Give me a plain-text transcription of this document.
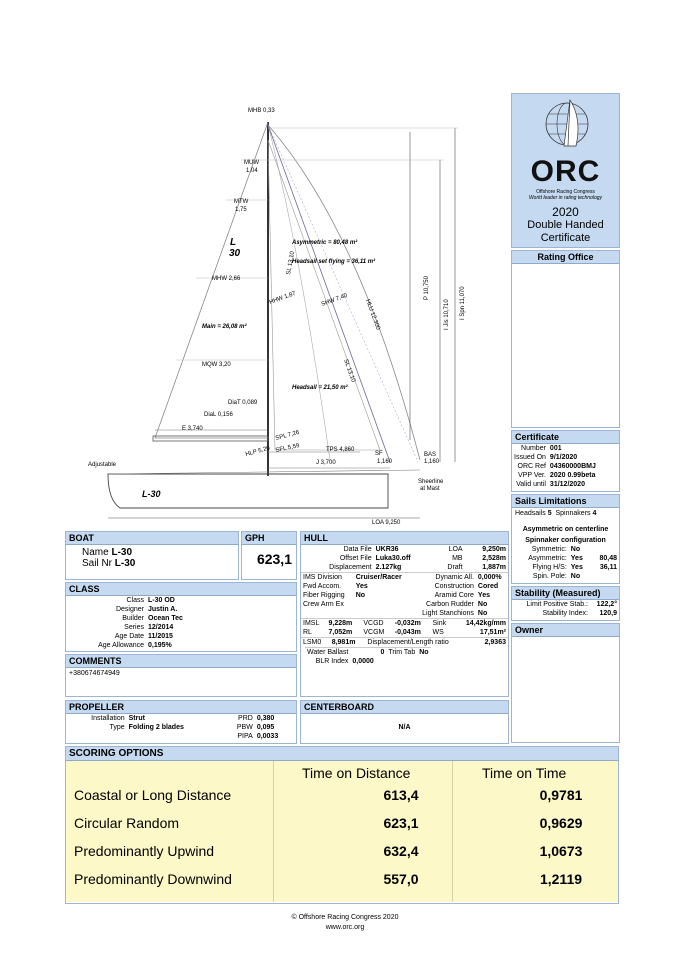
MHB 0,33
MUW
1,04
MTW
1,75
L
30
MHW 2,66
MQW 3,20
Asymmetric = 80,48 m²
Headsail set flying = 36,11 m²
Main = 26,08 m²
Headsail = 21,50 m²
SL 13,10
HHW 1,87	SHW 7,40	HLU 12,300
SL 13,10
P 10,750
I Jis 10,710 I Spn 11,070
DiaT 0,089
DiaL 0,156
E 3,740
SPL 7,26
HLP 5,20 SFL 5,59	TPS 4,860
J 3,700
SF
1,160
BAS
1,160
Sheerline
at Mast
Adjustable
L-30
LOA 9,250
ORC
Offshore Racing Congress
World leader in rating technology
2020
Double Handed Certificate
Rating Office
Certificate
Number	001
Issued On	9/1/2020
ORC Ref	04360000BMJ
VPP Ver.	2020 0.99beta
Valid until	31/12/2020
Sails Limitations
Headsails 5 Spinnakers 4
Asymmetric on centerline
Spinnaker configuration
Symmetric:	No	
Asymmetric:	Yes	80,48
Flying H/S:	Yes	36,11
Spin. Pole:	No	
Stability (Measured)
Limit Positive Stab.:	122,2°
Stability Index:	120,9
Owner
BOAT
Name L-30
Sail Nr L-30
GPH
623,1
HULL
Data File	UKR36	LOA	9,250m
Offset File	Luka30.off	MB	2,528m
Displacement	2.127kg	Draft	1,887m
IMS Division	Cruiser/Racer	Dynamic All.	0,000%
Fwd Accom.	Yes	Construction	Cored
Fiber Rigging	No	Aramid Core	Yes
Crew Arm Ex		Carbon Rudder	No
		Light Stanchions	No
IMSL	9,228m	VCGD	-0,032m	Sink	14,42kg/mm
RL	7,052m	VCGM	-0,043m	WS	17,51m²
LSM0	8,981m	Displacement/Length ratio	2,9363
Water Ballast	0	Trim Tab	No
BLR Index	0,0000		
CLASS
Class	L-30 OD
Designer	Justin A.
Builder	Ocean Tec
Series	12/2014
Age Date	11/2015
Age Allowance	0,195%
COMMENTS
+380674674949
PROPELLER
Installation	Strut	PRD	0,380
Type	Folding 2 blades	PBW	0,095
		PIPA	0,0033
CENTERBOARD
N/A
SCORING OPTIONS
Time on Distance	Time on Time
Coastal or Long Distance	613,4	0,9781
Circular Random	623,1	0,9629
Predominantly Upwind	632,4	1,0673
Predominantly Downwind	557,0	1,2119
© Offshore Racing Congress 2020
www.orc.org
